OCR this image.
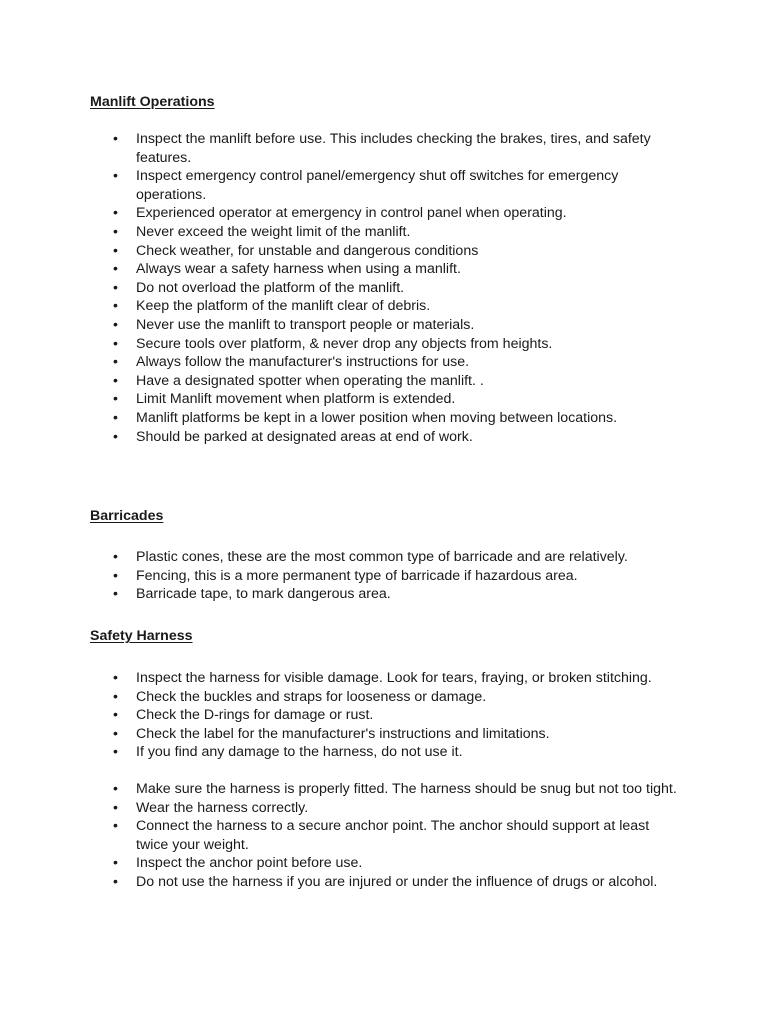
Manlift Operations
• Inspect the manlift before use. This includes checking the brakes, tires, and safety features.
• Inspect emergency control panel/emergency shut off switches for emergency operations.
• Experienced operator at emergency in control panel when operating.
• Never exceed the weight limit of the manlift.
• Check weather, for unstable and dangerous conditions
• Always wear a safety harness when using a manlift.
• Do not overload the platform of the manlift.
• Keep the platform of the manlift clear of debris.
• Never use the manlift to transport people or materials.
• Secure tools over platform, & never drop any objects from heights.
• Always follow the manufacturer's instructions for use.
• Have a designated spotter when operating the manlift. .
• Limit Manlift movement when platform is extended.
• Manlift platforms be kept in a lower position when moving between locations.
• Should be parked at designated areas at end of work.
Barricades
• Plastic cones, these are the most common type of barricade and are relatively.
• Fencing, this is a more permanent type of barricade if hazardous area.
• Barricade tape, to mark dangerous area.
Safety Harness
• Inspect the harness for visible damage. Look for tears, fraying, or broken stitching.
• Check the buckles and straps for looseness or damage.
• Check the D-rings for damage or rust.
• Check the label for the manufacturer's instructions and limitations.
• If you find any damage to the harness, do not use it.
• Make sure the harness is properly fitted. The harness should be snug but not too tight.
• Wear the harness correctly.
• Connect the harness to a secure anchor point. The anchor should support at least twice your weight.
• Inspect the anchor point before use.
• Do not use the harness if you are injured or under the influence of drugs or alcohol.
